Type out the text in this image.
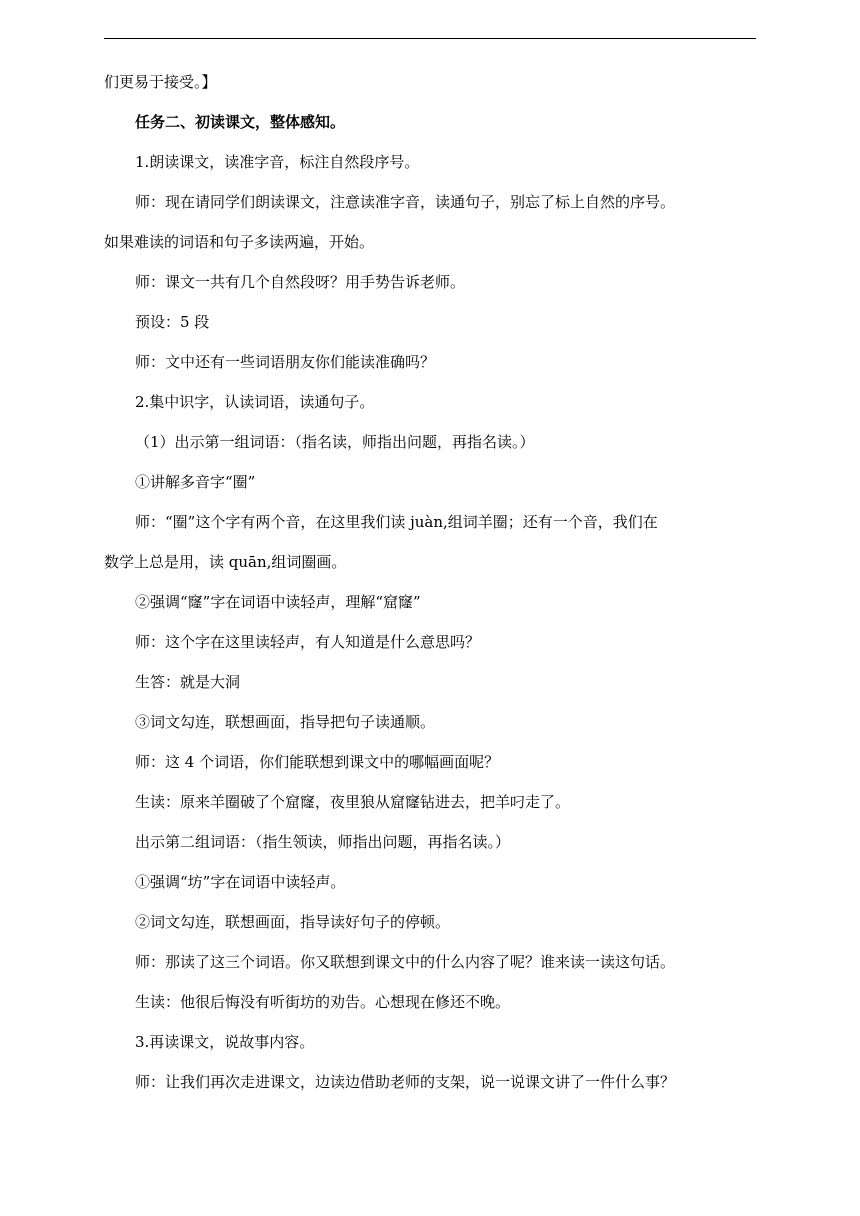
们更易于接受。】
任务二、初读课文，整体感知。
1.朗读课文，读准字音，标注自然段序号。
师：现在请同学们朗读课文，注意读准字音，读通句子，别忘了标上自然的序号。
如果难读的词语和句子多读两遍，开始。
师：课文一共有几个自然段呀？用手势告诉老师。
预设：5 段
师：文中还有一些词语朋友你们能读准确吗？
2.集中识字，认读词语，读通句子。
（1）出示第一组词语：（指名读，师指出问题，再指名读。）
①讲解多音字“圈”
师：“圈”这个字有两个音，在这里我们读 juàn,组词羊圈；还有一个音，我们在
数学上总是用，读 quān,组词圈画。
②强调“窿”字在词语中读轻声，理解“窟窿”
师：这个字在这里读轻声，有人知道是什么意思吗？
生答：就是大洞
③词文勾连，联想画面，指导把句子读通顺。
师：这 4 个词语，你们能联想到课文中的哪幅画面呢？
生读：原来羊圈破了个窟窿，夜里狼从窟窿钻进去，把羊叼走了。
出示第二组词语：（指生领读，师指出问题，再指名读。）
①强调“坊”字在词语中读轻声。
②词文勾连，联想画面，指导读好句子的停顿。
师：那读了这三个词语。你又联想到课文中的什么内容了呢？谁来读一读这句话。
生读：他很后悔没有听街坊的劝告。心想现在修还不晚。
3.再读课文，说故事内容。
师：让我们再次走进课文，边读边借助老师的支架，说一说课文讲了一件什么事？
